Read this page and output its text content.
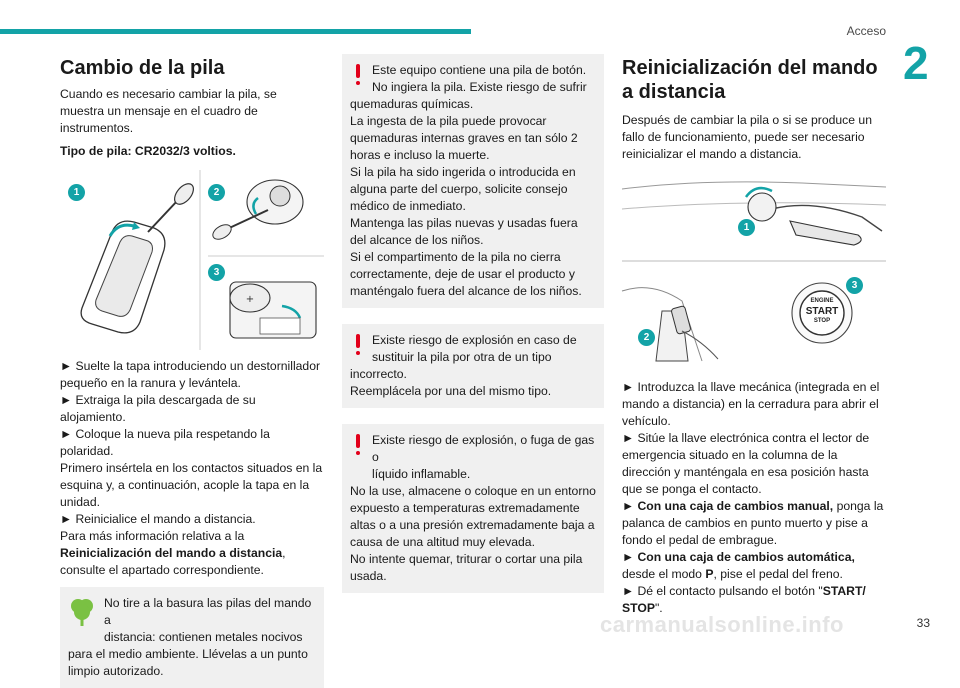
Acceso
2
Cambio de la pila

Cuando es necesario cambiar la pila, se muestra un mensaje en el cuadro de instrumentos.

Tipo de pila: CR2032/3 voltios.

+
1	2
3

► Suelte la tapa introduciendo un destornillador pequeño en la ranura y levántela.

► Extraiga la pila descargada de su alojamiento.

► Coloque la nueva pila respetando la polaridad.

Primero insértela en los contactos situados en la esquina y, a continuación, acople la tapa en la unidad.

► Reinicialice el mando a distancia.

Para más información relativa a la Reinicialización del mando a distancia, consulte el apartado correspondiente.

No tire a la basura las pilas del mando a

distancia: contienen metales nocivos para el medio ambiente. Llévelas a un punto limpio autorizado.

Este equipo contiene una pila de botón.

No ingiera la pila. Existe riesgo de sufrir

quemaduras químicas.
La ingesta de la pila puede provocar quemaduras internas graves en tan sólo 2 horas e incluso la muerte.
Si la pila ha sido ingerida o introducida en alguna parte del cuerpo, solicite consejo médico de inmediato.
Mantenga las pilas nuevas y usadas fuera del alcance de los niños.
Si el compartimento de la pila no cierra correctamente, deje de usar el producto y manténgalo fuera del alcance de los niños.

Existe riesgo de explosión en caso de

sustituir la pila por otra de un tipo

incorrecto.
Reemplácela por una del mismo tipo.

Existe riesgo de explosión, o fuga de gas o

líquido inflamable.

No la use, almacene o coloque en un entorno expuesto a temperaturas extremadamente altas o a una presión extremadamente baja a causa de una altitud muy elevada.
No intente quemar, triturar o cortar una pila usada.

Reinicialización del mando a distancia

Después de cambiar la pila o si se produce un fallo de funcionamiento, puede ser necesario reinicializar el mando a distancia.

1
ENGINE
START
STOP
2
3

► Introduzca la llave mecánica (integrada en el mando a distancia) en la cerradura para abrir el vehículo.

► Sitúe la llave electrónica contra el lector de emergencia situado en la columna de la dirección y manténgala en esa posición hasta que se ponga el contacto.

► Con una caja de cambios manual, ponga la palanca de cambios en punto muerto y pise a fondo el pedal de embrague.

► Con una caja de cambios automática, desde el modo P, pise el pedal del freno.

► Dé el contacto pulsando el botón "START/ STOP".

carmanualsonline.info	33
